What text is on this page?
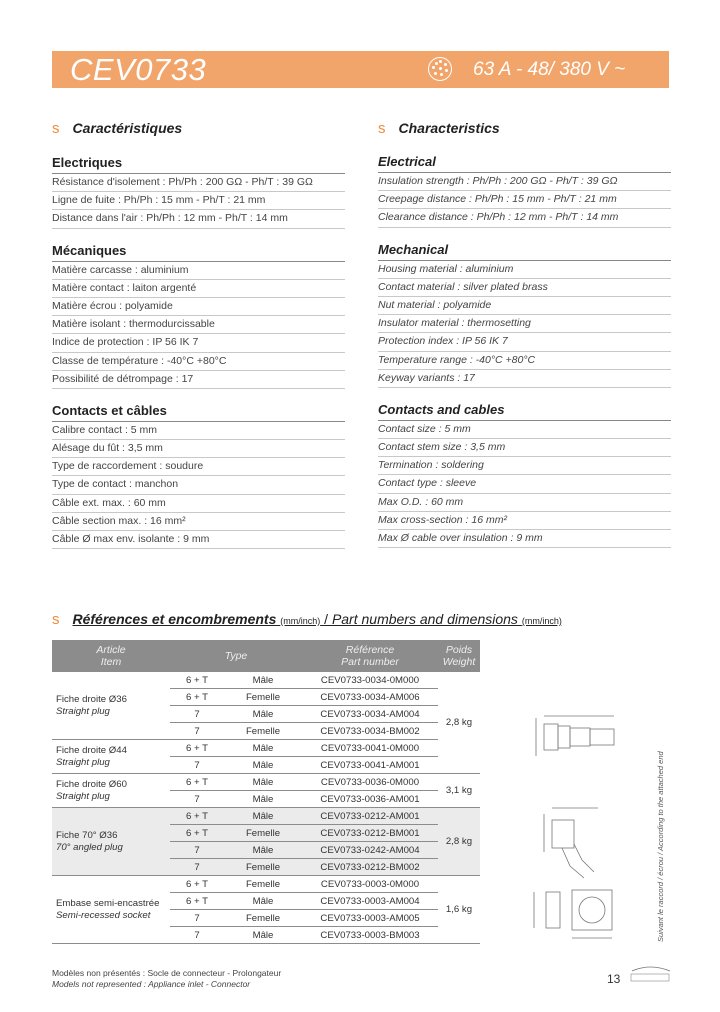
CEV0733	63 A - 48/ 380 V ~
s Caractéristiques	s Characteristics
Electriques
Résistance d'isolement : Ph/Ph : 200 GΩ - Ph/T : 39 GΩ
Ligne de fuite : Ph/Ph : 15 mm - Ph/T : 21 mm
Distance dans l'air : Ph/Ph : 12 mm - Ph/T : 14 mm
Mécaniques
Matière carcasse : aluminium
Matière contact : laiton argenté
Matière écrou : polyamide
Matière isolant : thermodurcissable
Indice de protection : IP 56 IK 7
Classe de température : -40°C +80°C
Possibilité de détrompage : 17
Contacts et câbles
Calibre contact : 5 mm
Alésage du fût : 3,5 mm
Type de raccordement : soudure
Type de contact : manchon
Câble ext. max. : 60 mm
Câble section max. : 16 mm²
Câble Ø max env. isolante : 9 mm
Electrical
Insulation strength : Ph/Ph : 200 GΩ - Ph/T : 39 GΩ
Creepage distance : Ph/Ph : 15 mm - Ph/T : 21 mm
Clearance distance : Ph/Ph : 12 mm - Ph/T : 14 mm
Mechanical
Housing material : aluminium
Contact material : silver plated brass
Nut material : polyamide
Insulator material : thermosetting
Protection index : IP 56 IK 7
Temperature range : -40°C +80°C
Keyway variants : 17
Contacts and cables
Contact size : 5 mm
Contact stem size : 3,5 mm
Termination : soldering
Contact type : sleeve
Max O.D. : 60 mm
Max cross-section : 16 mm²
Max Ø cable over insulation : 9 mm
s Références et encombrements (mm/inch) / Part numbers and dimensions (mm/inch)
Article
Item	Type		Référence
Part number	Poids
Weight
Fiche droite Ø36
Straight plug	6 + T	Mâle	CEV0733-0034-0M000	2,8 kg
	6 + T	Femelle	CEV0733-0034-AM006	
	7	Mâle	CEV0733-0034-AM004	
	7	Femelle	CEV0733-0034-BM002	
Fiche droite Ø44
Straight plug	6 + T	Mâle	CEV0733-0041-0M000	
	7	Mâle	CEV0733-0041-AM001	
Fiche droite Ø60
Straight plug	6 + T	Mâle	CEV0733-0036-0M000	3,1 kg
	7	Mâle	CEV0733-0036-AM001	
Fiche 70° Ø36
70° angled plug	6 + T	Mâle	CEV0733-0212-AM001	2,8 kg
	6 + T	Femelle	CEV0733-0212-BM001	
	7	Mâle	CEV0733-0242-AM004	
	7	Femelle	CEV0733-0212-BM002	
Embase semi-encastrée
Semi-recessed socket	6 + T	Femelle	CEV0733-0003-0M000	1,6 kg
	6 + T	Mâle	CEV0733-0003-AM004	
	7	Femelle	CEV0733-0003-AM005	
	7	Mâle	CEV0733-0003-BM003		Suivant le raccord / écrou / According to the attached end
Modèles non présentés : Socle de connecteur - Prolongateur
Models not represented : Appliance inlet - Connector	13
